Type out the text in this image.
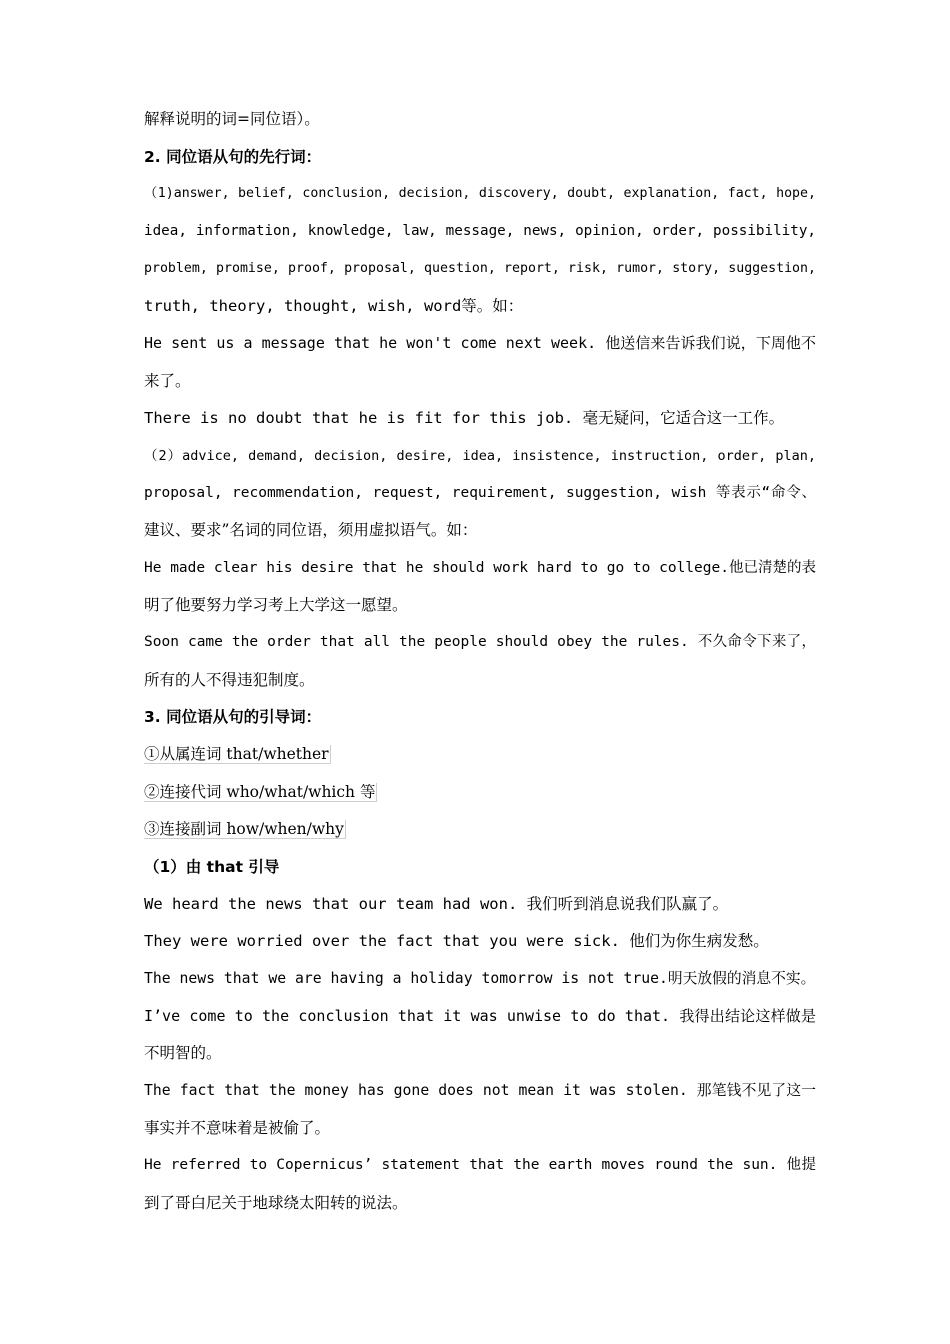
解释说明的词=同位语）。
2. 同位语从句的先行词：
（1)answer, belief, conclusion, decision, discovery, doubt, explanation, fact, hope,
idea, information, knowledge, law, message, news, opinion, order, possibility,
problem, promise, proof, proposal, question, report, risk, rumor, story, suggestion,
truth, theory, thought, wish, word等。如：
He sent us a message that he won't come next week. 他送信来告诉我们说，下周他不
来了。
There is no doubt that he is fit for this job. 毫无疑问，它适合这一工作。
（2）advice, demand, decision, desire, idea, insistence, instruction, order, plan,
proposal, recommendation, request, requirement, suggestion, wish 等表示“命令、
建议、要求”名词的同位语，须用虚拟语气。如：
He made clear his desire that he should work hard to go to college.他已清楚的表
明了他要努力学习考上大学这一愿望。
Soon came the order that all the people should obey the rules. 不久命令下来了，
所有的人不得违犯制度。
3. 同位语从句的引导词：
①从属连词 that/whether
②连接代词 who/what/which 等
③连接副词 how/when/why
（1）由 that 引导
We heard the news that our team had won. 我们听到消息说我们队赢了。
They were worried over the fact that you were sick. 他们为你生病发愁。
The news that we are having a holiday tomorrow is not true.明天放假的消息不实。
I’ve come to the conclusion that it was unwise to do that. 我得出结论这样做是
不明智的。
The fact that the money has gone does not mean it was stolen. 那笔钱不见了这一
事实并不意味着是被偷了。
He referred to Copernicus’ statement that the earth moves round the sun. 他提
到了哥白尼关于地球绕太阳转的说法。
